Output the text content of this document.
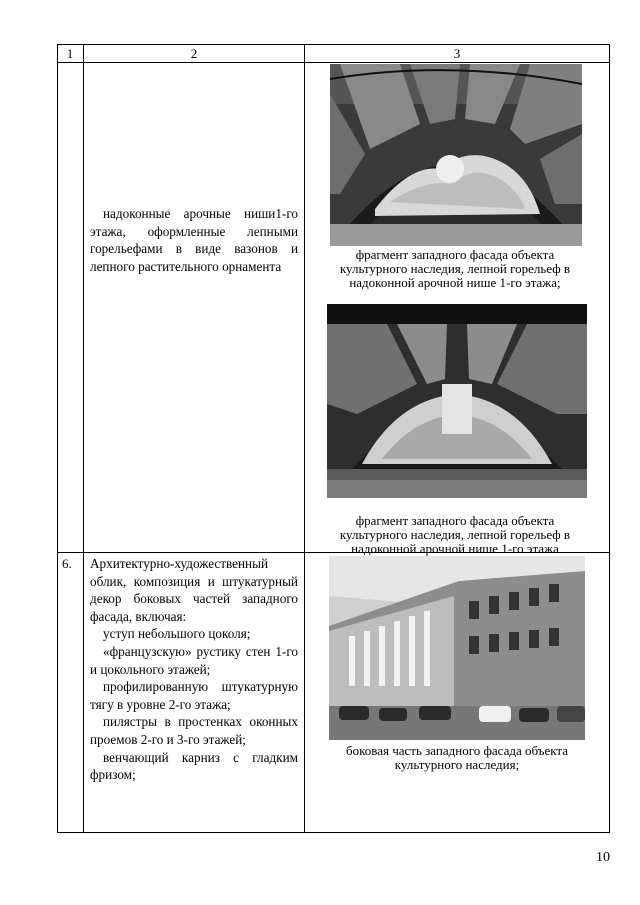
1	2	3

надоконные арочные ниши1-го этажа, оформленные лепными горельефами в виде вазонов и лепного растительного орнамента

фрагмент западного фасада объекта культурного наследия, лепной горельеф в надоконной арочной нише 1-го этажа;
фрагмент западного фасада объекта культурного наследия, лепной горельеф в надоконной арочной нише 1-го этажа
6. Архитектурно-художественный облик, композиция и штукатурный декор боковых частей западного фасада, включая:

уступ небольшого цоколя;

«французскую» рустику стен 1-го и цокольного этажей;

профилированную штукатурную тягу в уровне 2-го этажа;

пилястры в простенках оконных проемов 2-го и 3-го этажей;

венчающий карниз с гладким фризом;

боковая часть западного фасада объекта культурного наследия;
10
